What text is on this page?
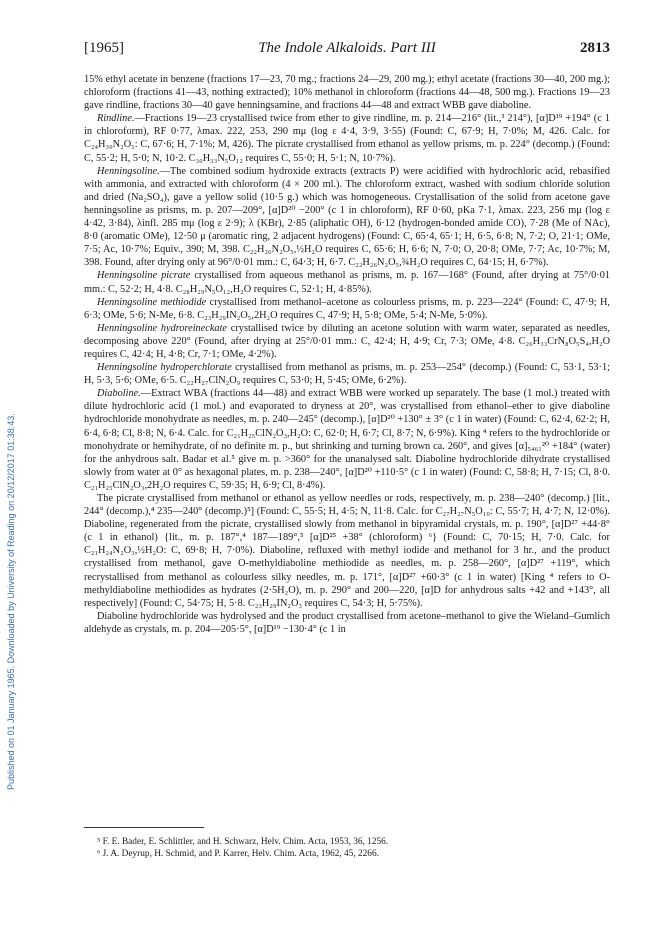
Published on 01 January 1965. Downloaded by University of Reading on 20/12/2017 01:38:43.
[1965]	The Indole Alkaloids. Part III	2813

15% ethyl acetate in benzene (fractions 17—23, 70 mg.; fractions 24—29, 200 mg.); ethyl acetate (fractions 30—40, 200 mg.); chloroform (fractions 41—43, nothing extracted); 10% methanol in chloroform (fractions 44—48, 500 mg.). Fractions 19—23 gave rindline, fractions 30—40 gave henningsamine, and fractions 44—48 and extract WBB gave diaboline.

Rindline.—Fractions 19—23 crystallised twice from ether to give rindline, m. p. 214—216° (lit.,³ 214°), [α]D¹⁹ +194° (c 1 in chloroform), RF 0·77, λmax. 222, 253, 290 mμ (log ε 4·4, 3·9, 3·55) (Found: C, 67·9; H, 7·0%; M, 426. Calc. for C₂₄H₃₀N₂O₅: C, 67·6; H, 7·1%; M, 426). The picrate crystallised from ethanol as yellow prisms, m. p. 224° (decomp.) (Found: C, 55·2; H, 5·0; N, 10·2. C₃₀H₃₃N₅O₁₂ requires C, 55·0; H, 5·1; N, 10·7%).

Henningsoline.—The combined sodium hydroxide extracts (extracts P) were acidified with hydrochloric acid, rebasified with ammonia, and extracted with chloroform (4 × 200 ml.). The chloroform extract, washed with sodium chloride solution and dried (Na₂SO₄), gave a yellow solid (10·5 g.) which was homogeneous. Crystallisation of the solid from acetone gave henningsoline as prisms, m. p. 207—209°, [α]D²⁰ −200° (c 1 in chloroform), RF 0·60, pKa 7·1, λmax. 223, 256 mμ (log ε 4·42, 3·84), λinfl. 285 mμ (log ε 2·9); λ (KBr), 2·85 (aliphatic OH), 6·12 (hydrogen-bonded amide CO), 7·28 (Me of NAc), 8·0 (aromatic OMe), 12·50 μ (aromatic ring, 2 adjacent hydrogens) (Found: C, 65·4, 65·1; H, 6·5, 6·8; N, 7·2; O, 21·1; OMe, 7·5; Ac, 10·7%; Equiv., 390; M, 398. C₂₂H₂₆N₂O₅,½H₂O requires C, 65·6; H, 6·6; N, 7·0; O, 20·8; OMe, 7·7; Ac, 10·7%; M, 398. Found, after drying only at 96°/0·01 mm.: C, 64·3; H, 6·7. C₂₂H₂₆N₂O₅,¾H₂O requires C, 64·15; H, 6·7%).

Henningsoline picrate crystallised from aqueous methanol as prisms, m. p. 167—168° (Found, after drying at 75°/0·01 mm.: C, 52·2; H, 4·8. C₂₈H₂₉N₅O₁₂,H₂O requires C, 52·1; H, 4·85%).

Henningsoline methiodide crystallised from methanol–acetone as colourless prisms, m. p. 223—224° (Found: C, 47·9; H, 6·3; OMe, 5·6; N-Me, 6·8. C₂₃H₂₉IN₂O₅,2H₂O requires C, 47·9; H, 5·8; OMe, 5·4; N-Me, 5·0%).

Henningsoline hydroreineckate crystallised twice by diluting an acetone solution with warm water, separated as needles, decomposing above 220° (Found, after drying at 25°/0·01 mm.: C, 42·4; H, 4·9; Cr, 7·3; OMe, 4·8. C₂₆H₃₃CrN₈O₅S₄,H₂O requires C, 42·4; H, 4·8; Cr, 7·1; OMe, 4·2%).

Henningsoline hydroperchlorate crystallised from methanol as prisms, m. p. 253—254° (decomp.) (Found: C, 53·1, 53·1; H, 5·3, 5·6; OMe, 6·5. C₂₂H₂₇ClN₂O₉ requires C, 53·0; H, 5·45; OMe, 6·2%).

Diaboline.—Extract WBA (fractions 44—48) and extract WBB were worked up separately. The base (1 mol.) treated with dilute hydrochloric acid (1 mol.) and evaporated to dryness at 20°, was crystallised from ethanol–ether to give diaboline hydrochloride monohydrate as needles, m. p. 240—245° (decomp.), [α]D²⁰ +130° ± 3° (c 1 in water) (Found: C, 62·4, 62·2; H, 6·4, 6·8; Cl, 8·8; N, 6·4. Calc. for C₂₁H₂₅ClN₂O₃,H₂O: C, 62·0; H, 6·7; Cl, 8·7; N, 6·9%). King ⁴ refers to the hydrochloride or monohydrate or hemihydrate, of no definite m. p., but shrinking and turning brown ca. 260°, and gives [α]₅₄₆₁²⁰ +184° (water) for the anhydrous salt. Badar et al.⁵ give m. p. >360° for the unanalysed salt. Diaboline hydrochloride dihydrate crystallised slowly from water at 0° as hexagonal plates, m. p. 238—240°, [α]D²⁰ +110·5° (c 1 in water) (Found: C, 58·8; H, 7·15; Cl, 8·0. C₂₁H₂₅ClN₂O₃,2H₂O requires C, 59·35; H, 6·9; Cl, 8·4%).

The picrate crystallised from methanol or ethanol as yellow needles or rods, respectively, m. p. 238—240° (decomp.) [lit., 244° (decomp.),⁴ 235—240° (decomp.)⁵] (Found: C, 55·5; H, 4·5; N, 11·8. Calc. for C₂₇H₂₇N₅O₁₀: C, 55·7; H, 4·7; N, 12·0%). Diaboline, regenerated from the picrate, crystallised slowly from methanol in bipyramidal crystals, m. p. 190°, [α]D²⁷ +44·8° (c 1 in ethanol) {lit., m. p. 187°,⁴ 187—189°,⁵ [α]D²⁵ +38° (chloroform) ⁶} (Found: C, 70·15; H, 7·0. Calc. for C₂₁H₂₄N₂O₃,½H₂O: C, 69·8; H, 7·0%). Diaboline, refluxed with methyl iodide and methanol for 3 hr., and the product crystallised from methanol, gave O-methyldiaboline methiodide as needles, m. p. 258—260°, [α]D²⁷ +119°, which recrystallised from methanol as colourless silky needles, m. p. 171°, [α]D²⁷ +60·3° (c 1 in water) [King ⁴ refers to O-methyldiaboline methiodides as hydrates (2·5H₂O), m. p. 290° and 200—220, [α]D for anhydrous salts +42 and +143°, all respectively] (Found: C, 54·75; H, 5·8. C₂₃H₂₉IN₂O₃ requires C, 54·3; H, 5·75%).

Diaboline hydrochloride was hydrolysed and the product crystallised from acetone–methanol to give the Wieland–Gumlich aldehyde as crystals, m. p. 204—205·5°, [α]D¹⁹ −130·4° (c 1 in

⁵ F. E. Bader, E. Schlittler, and H. Schwarz, Helv. Chim. Acta, 1953, 36, 1256.

⁶ J. A. Deyrup, H. Schmid, and P. Karrer, Helv. Chim. Acta, 1962, 45, 2266.
